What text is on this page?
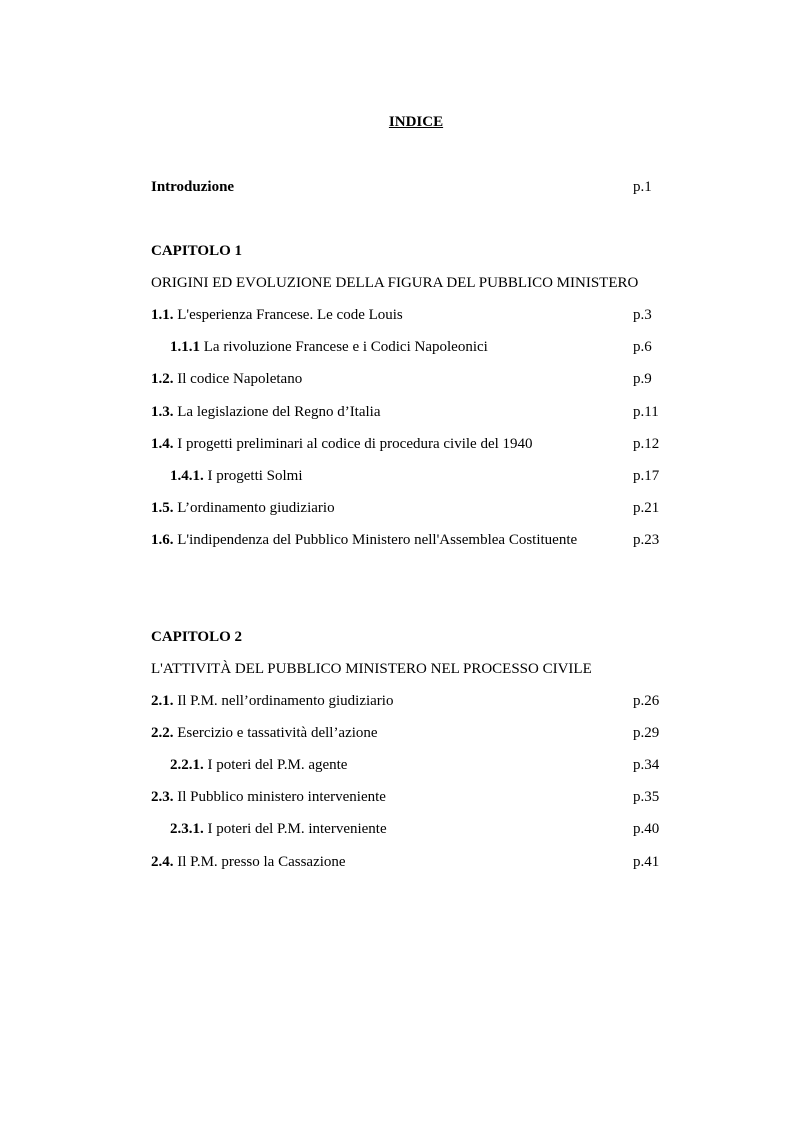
INDICE
Introduzione	p.1
CAPITOLO 1
ORIGINI ED EVOLUZIONE DELLA FIGURA DEL PUBBLICO MINISTERO
1.1. L'esperienza Francese. Le code Louis	p.3
1.1.1 La rivoluzione Francese e i Codici Napoleonici	p.6
1.2. Il codice Napoletano	p.9
1.3. La legislazione del Regno d’Italia	p.11
1.4. I progetti preliminari al codice di procedura civile del 1940	p.12
1.4.1. I progetti Solmi	p.17
1.5. L’ordinamento giudiziario	p.21
1.6. L'indipendenza del Pubblico Ministero nell'Assemblea Costituente	p.23
CAPITOLO 2
L'ATTIVITÀ DEL PUBBLICO MINISTERO NEL PROCESSO CIVILE
2.1. Il P.M. nell’ordinamento giudiziario	p.26
2.2. Esercizio e tassatività dell’azione	p.29
2.2.1. I poteri del P.M. agente	p.34
2.3. Il Pubblico ministero interveniente	p.35
2.3.1. I poteri del P.M. interveniente	p.40
2.4. Il P.M. presso la Cassazione	p.41
